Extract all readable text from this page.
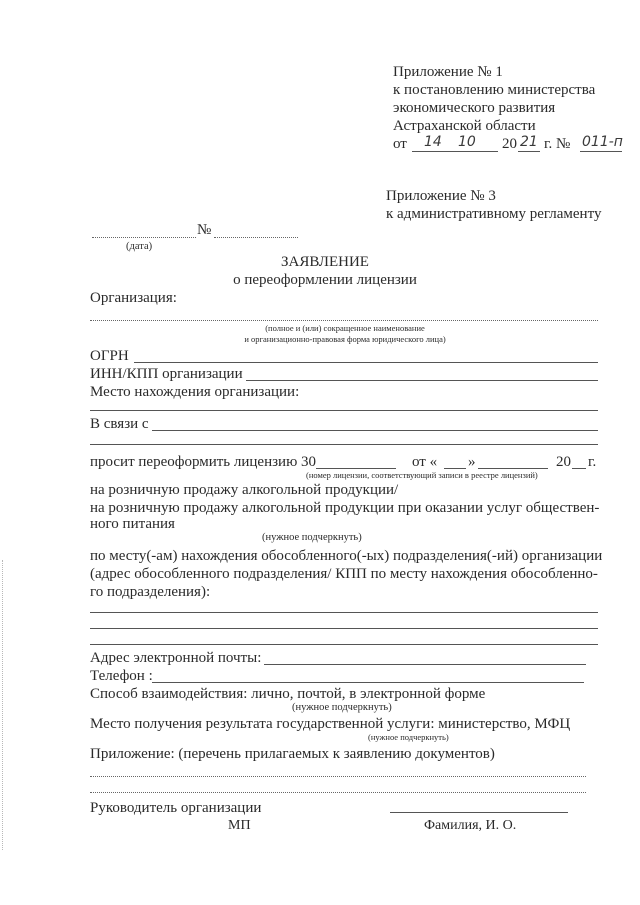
Приложение № 1
к постановлению министерства
экономического развития
Астраханской области
от 14 10 20 21 г. № 011-п
Приложение № 3
к административному регламенту
№
(дата)
ЗАЯВЛЕНИЕ
о переоформлении лицензии
Организация:
(полное и (или) сокращенное наименование
и организационно-правовая форма юридического лица)
ОГРН
ИНН/КПП организации
Место нахождения организации:
В связи с
просит переоформить лицензию 30	от « »	20 г.
(номер лицензии, соответствующий записи в реестре лицензий)
на розничную продажу алкогольной продукции/
на розничную продажу алкогольной продукции при оказании услуг обществен-
ного питания
(нужное подчеркнуть)
по месту(-ам) нахождения обособленного(-ых) подразделения(-ий) организации
(адрес обособленного подразделения/ КПП по месту нахождения обособленно-
го подразделения):
Адрес электронной почты:
Телефон :
Способ взаимодействия: лично, почтой, в электронной форме
(нужное подчеркнуть)
Место получения результата государственной услуги: министерство, МФЦ
(нужное подчеркнуть)
Приложение: (перечень прилагаемых к заявлению документов)
Руководитель организации
МП	Фамилия, И. О.
